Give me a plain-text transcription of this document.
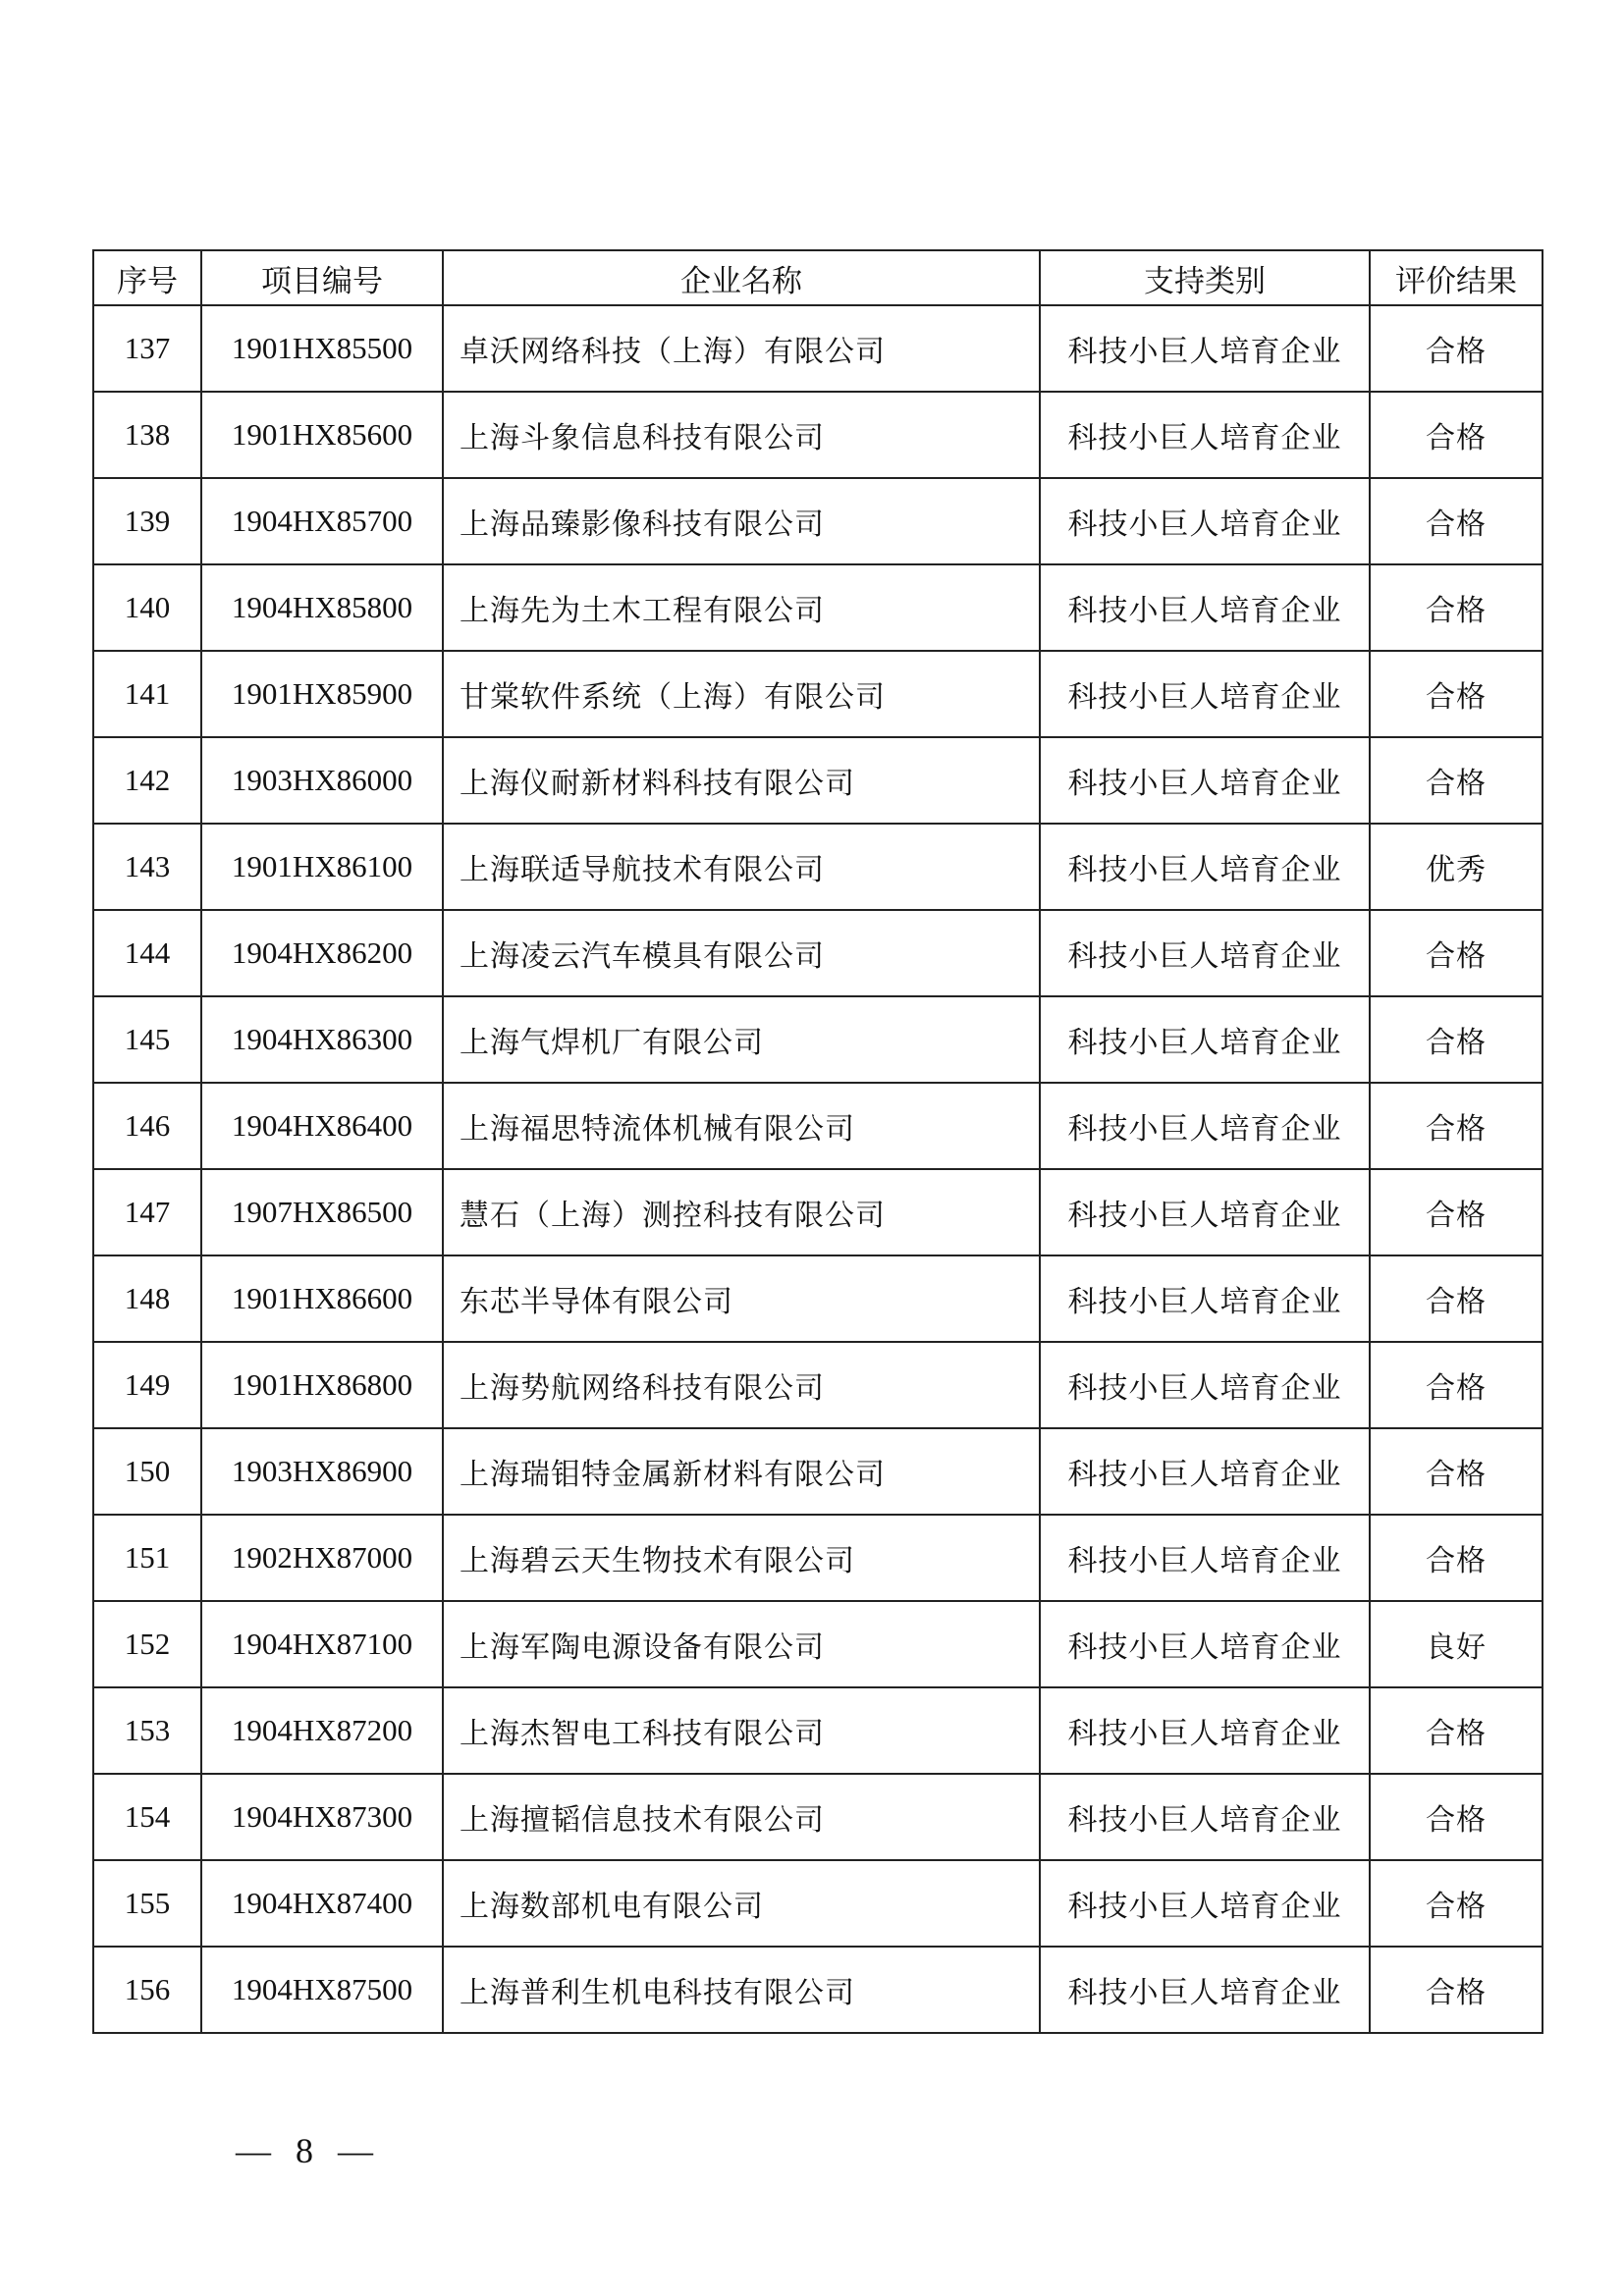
序号	项目编号	企业名称	支持类别	评价结果
137	1901HX85500	卓沃网络科技（上海）有限公司	科技小巨人培育企业	合格
138	1901HX85600	上海斗象信息科技有限公司	科技小巨人培育企业	合格
139	1904HX85700	上海品臻影像科技有限公司	科技小巨人培育企业	合格
140	1904HX85800	上海先为土木工程有限公司	科技小巨人培育企业	合格
141	1901HX85900	甘棠软件系统（上海）有限公司	科技小巨人培育企业	合格
142	1903HX86000	上海仪耐新材料科技有限公司	科技小巨人培育企业	合格
143	1901HX86100	上海联适导航技术有限公司	科技小巨人培育企业	优秀
144	1904HX86200	上海凌云汽车模具有限公司	科技小巨人培育企业	合格
145	1904HX86300	上海气焊机厂有限公司	科技小巨人培育企业	合格
146	1904HX86400	上海福思特流体机械有限公司	科技小巨人培育企业	合格
147	1907HX86500	慧石（上海）测控科技有限公司	科技小巨人培育企业	合格
148	1901HX86600	东芯半导体有限公司	科技小巨人培育企业	合格
149	1901HX86800	上海势航网络科技有限公司	科技小巨人培育企业	合格
150	1903HX86900	上海瑞钼特金属新材料有限公司	科技小巨人培育企业	合格
151	1902HX87000	上海碧云天生物技术有限公司	科技小巨人培育企业	合格
152	1904HX87100	上海军陶电源设备有限公司	科技小巨人培育企业	良好
153	1904HX87200	上海杰智电工科技有限公司	科技小巨人培育企业	合格
154	1904HX87300	上海擅韬信息技术有限公司	科技小巨人培育企业	合格
155	1904HX87400	上海数部机电有限公司	科技小巨人培育企业	合格
156	1904HX87500	上海普利生机电科技有限公司	科技小巨人培育企业	合格
— 8 —
